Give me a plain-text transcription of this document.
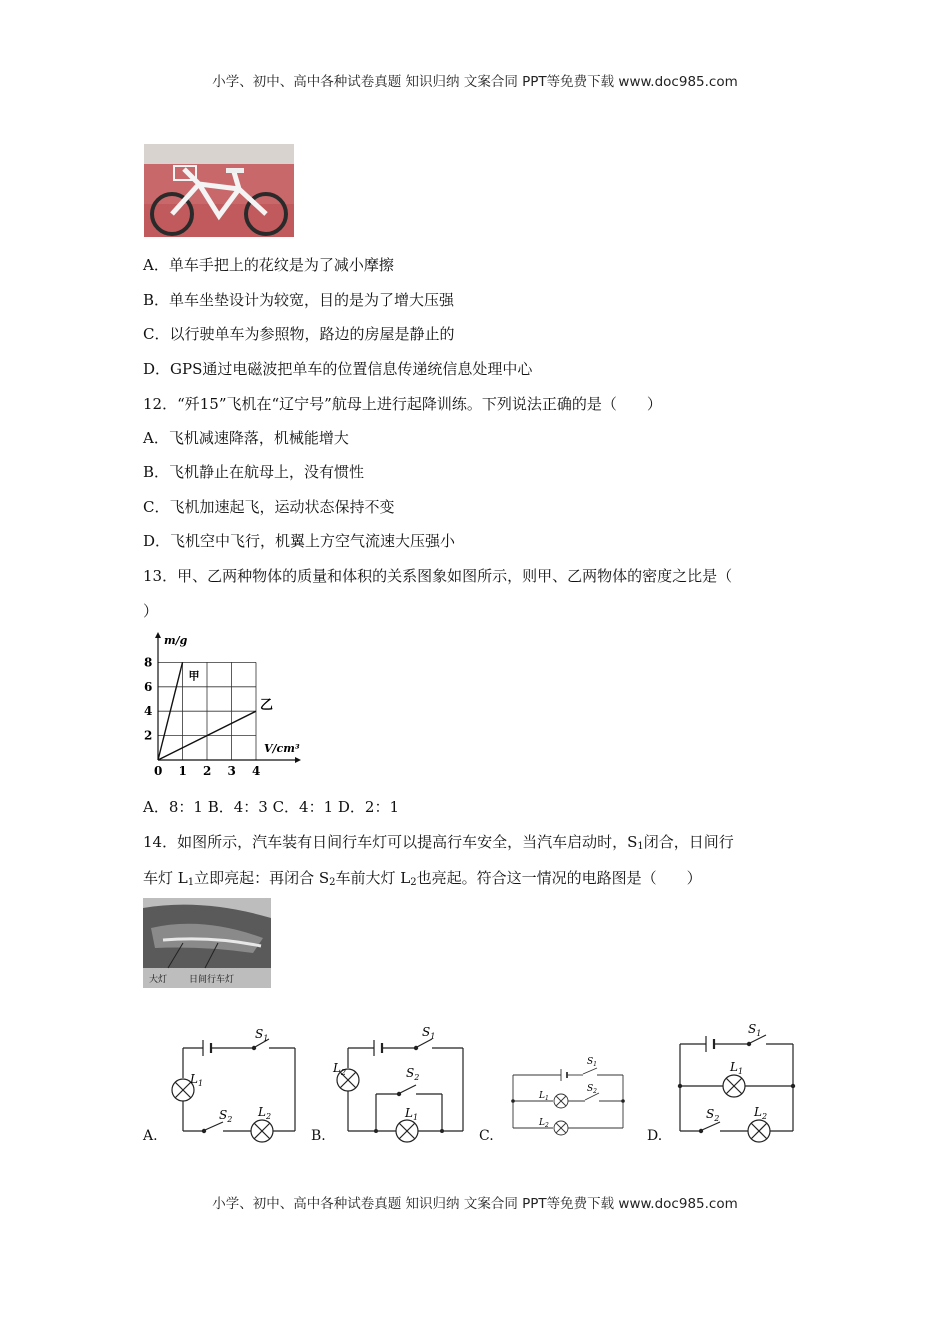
小学、初中、高中各种试卷真题 知识归纳 文案合同 PPT等免费下载 www.doc985.com
A．单车手把上的花纹是为了减小摩擦
B．单车坐垫设计为较宽，目的是为了增大压强
C．以行驶单车为参照物，路边的房屋是静止的
D．GPS通过电磁波把单车的位置信息传递统信息处理中心
12．“歼15”飞机在“辽宁号”航母上进行起降训练。下列说法正确的是（　　）
A．飞机减速降落，机械能增大
B．飞机静止在航母上，没有惯性
C．飞机加速起飞，运动状态保持不变
D．飞机空中飞行，机翼上方空气流速大压强小
13．甲、乙两种物体的质量和体积的关系图象如图所示，则甲、乙两物体的密度之比是（
）
m/g
V/cm³
0 1 2 3 4
2
4
6
8
甲
乙
A．8：1 B．4：3 C．4：1 D．2：1
14．如图所示，汽车装有日间行车灯可以提高行车安全，当汽车启动时，$S_1$闭合，日间行
车灯 $L_1$立即亮起：再闭合 $S_2$车前大灯 $L_2$也亮起。符合这一情况的电路图是（　　）
大灯 日间行车灯
$S_1$
$L_1$
$S_2$
$L_2$
A.
$S_1$
$L_2$	$S_2$
$L_1$
B.
$S_1$
$S_2$
$L_1$
$L_2$
C.
$S_1$
$L_1$
$S_2$	$L_2$
D.
小学、初中、高中各种试卷真题 知识归纳 文案合同 PPT等免费下载 www.doc985.com
